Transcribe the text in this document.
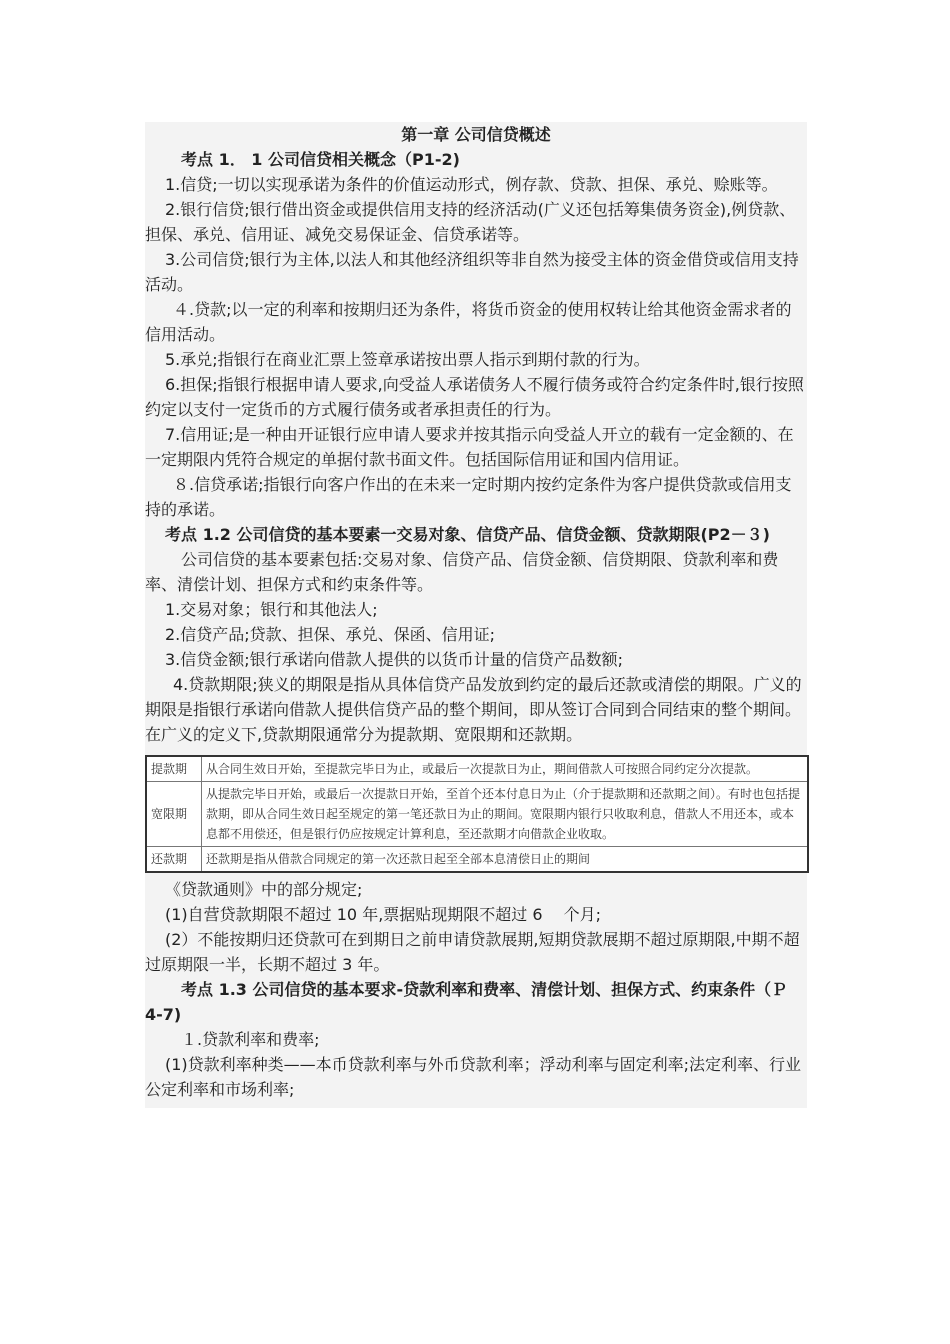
第一章 公司信贷概述

考点 1． 1 公司信贷相关概念（P1-2)

1.信贷;一切以实现承诺为条件的价值运动形式，例存款、贷款、担保、承兑、赊账等。

2.银行信贷;银行借出资金或提供信用支持的经济活动(广义还包括筹集债务资金),例贷款、担保、承兑、信用证、减免交易保证金、信贷承诺等。

3.公司信贷;银行为主体,以法人和其他经济组织等非自然为接受主体的资金借贷或信用支持活动。

４.贷款;以一定的利率和按期归还为条件，将货币资金的使用权转让给其他资金需求者的信用活动。

5.承兑;指银行在商业汇票上签章承诺按出票人指示到期付款的行为。

6.担保;指银行根据申请人要求,向受益人承诺债务人不履行债务或符合约定条件时,银行按照约定以支付一定货币的方式履行债务或者承担责任的行为。

7.信用证;是一种由开证银行应申请人要求并按其指示向受益人开立的载有一定金额的、在一定期限内凭符合规定的单据付款书面文件。包括国际信用证和国内信用证。

８.信贷承诺;指银行向客户作出的在未来一定时期内按约定条件为客户提供贷款或信用支持的承诺。

考点 1.2 公司信贷的基本要素一交易对象、信贷产品、信贷金额、贷款期限(P2－３)

公司信贷的基本要素包括:交易对象、信贷产品、信贷金额、信贷期限、贷款利率和费率、清偿计划、担保方式和约束条件等。

1.交易对象；银行和其他法人;

2.信贷产品;贷款、担保、承兑、保函、信用证;

3.信贷金额;银行承诺向借款人提供的以货币计量的信贷产品数额;

4.贷款期限;狭义的期限是指从具体信贷产品发放到约定的最后还款或清偿的期限。广义的期限是指银行承诺向借款人提供信贷产品的整个期间，即从签订合同到合同结束的整个期间。在广义的定义下,贷款期限通常分为提款期、宽限期和还款期。

提款期	从合同生效日开始，至提款完毕日为止，或最后一次提款日为止，期间借款人可按照合同约定分次提款。
宽限期	从提款完毕日开始，或最后一次提款日开始，至首个还本付息日为止（介于提款期和还款期之间）。有时也包括提款期，即从合同生效日起至规定的第一笔还款日为止的期间。宽限期内银行只收取利息，借款人不用还本，或本息都不用偿还，但是银行仍应按规定计算利息，至还款期才向借款企业收取。
还款期	还款期是指从借款合同规定的第一次还款日起至全部本息清偿日止的期间

《贷款通则》中的部分规定;

(1)自营贷款期限不超过 10 年,票据贴现期限不超过 6　 个月;

(2）不能按期归还贷款可在到期日之前申请贷款展期,短期贷款展期不超过原期限,中期不超过原期限一半，长期不超过 3 年。

考点 1.3 公司信贷的基本要求-贷款利率和费率、清偿计划、担保方式、约束条件（Ｐ 4-7)

１.贷款利率和费率;

(1)贷款利率种类——本币贷款利率与外币贷款利率；浮动利率与固定利率;法定利率、行业公定利率和市场利率;
